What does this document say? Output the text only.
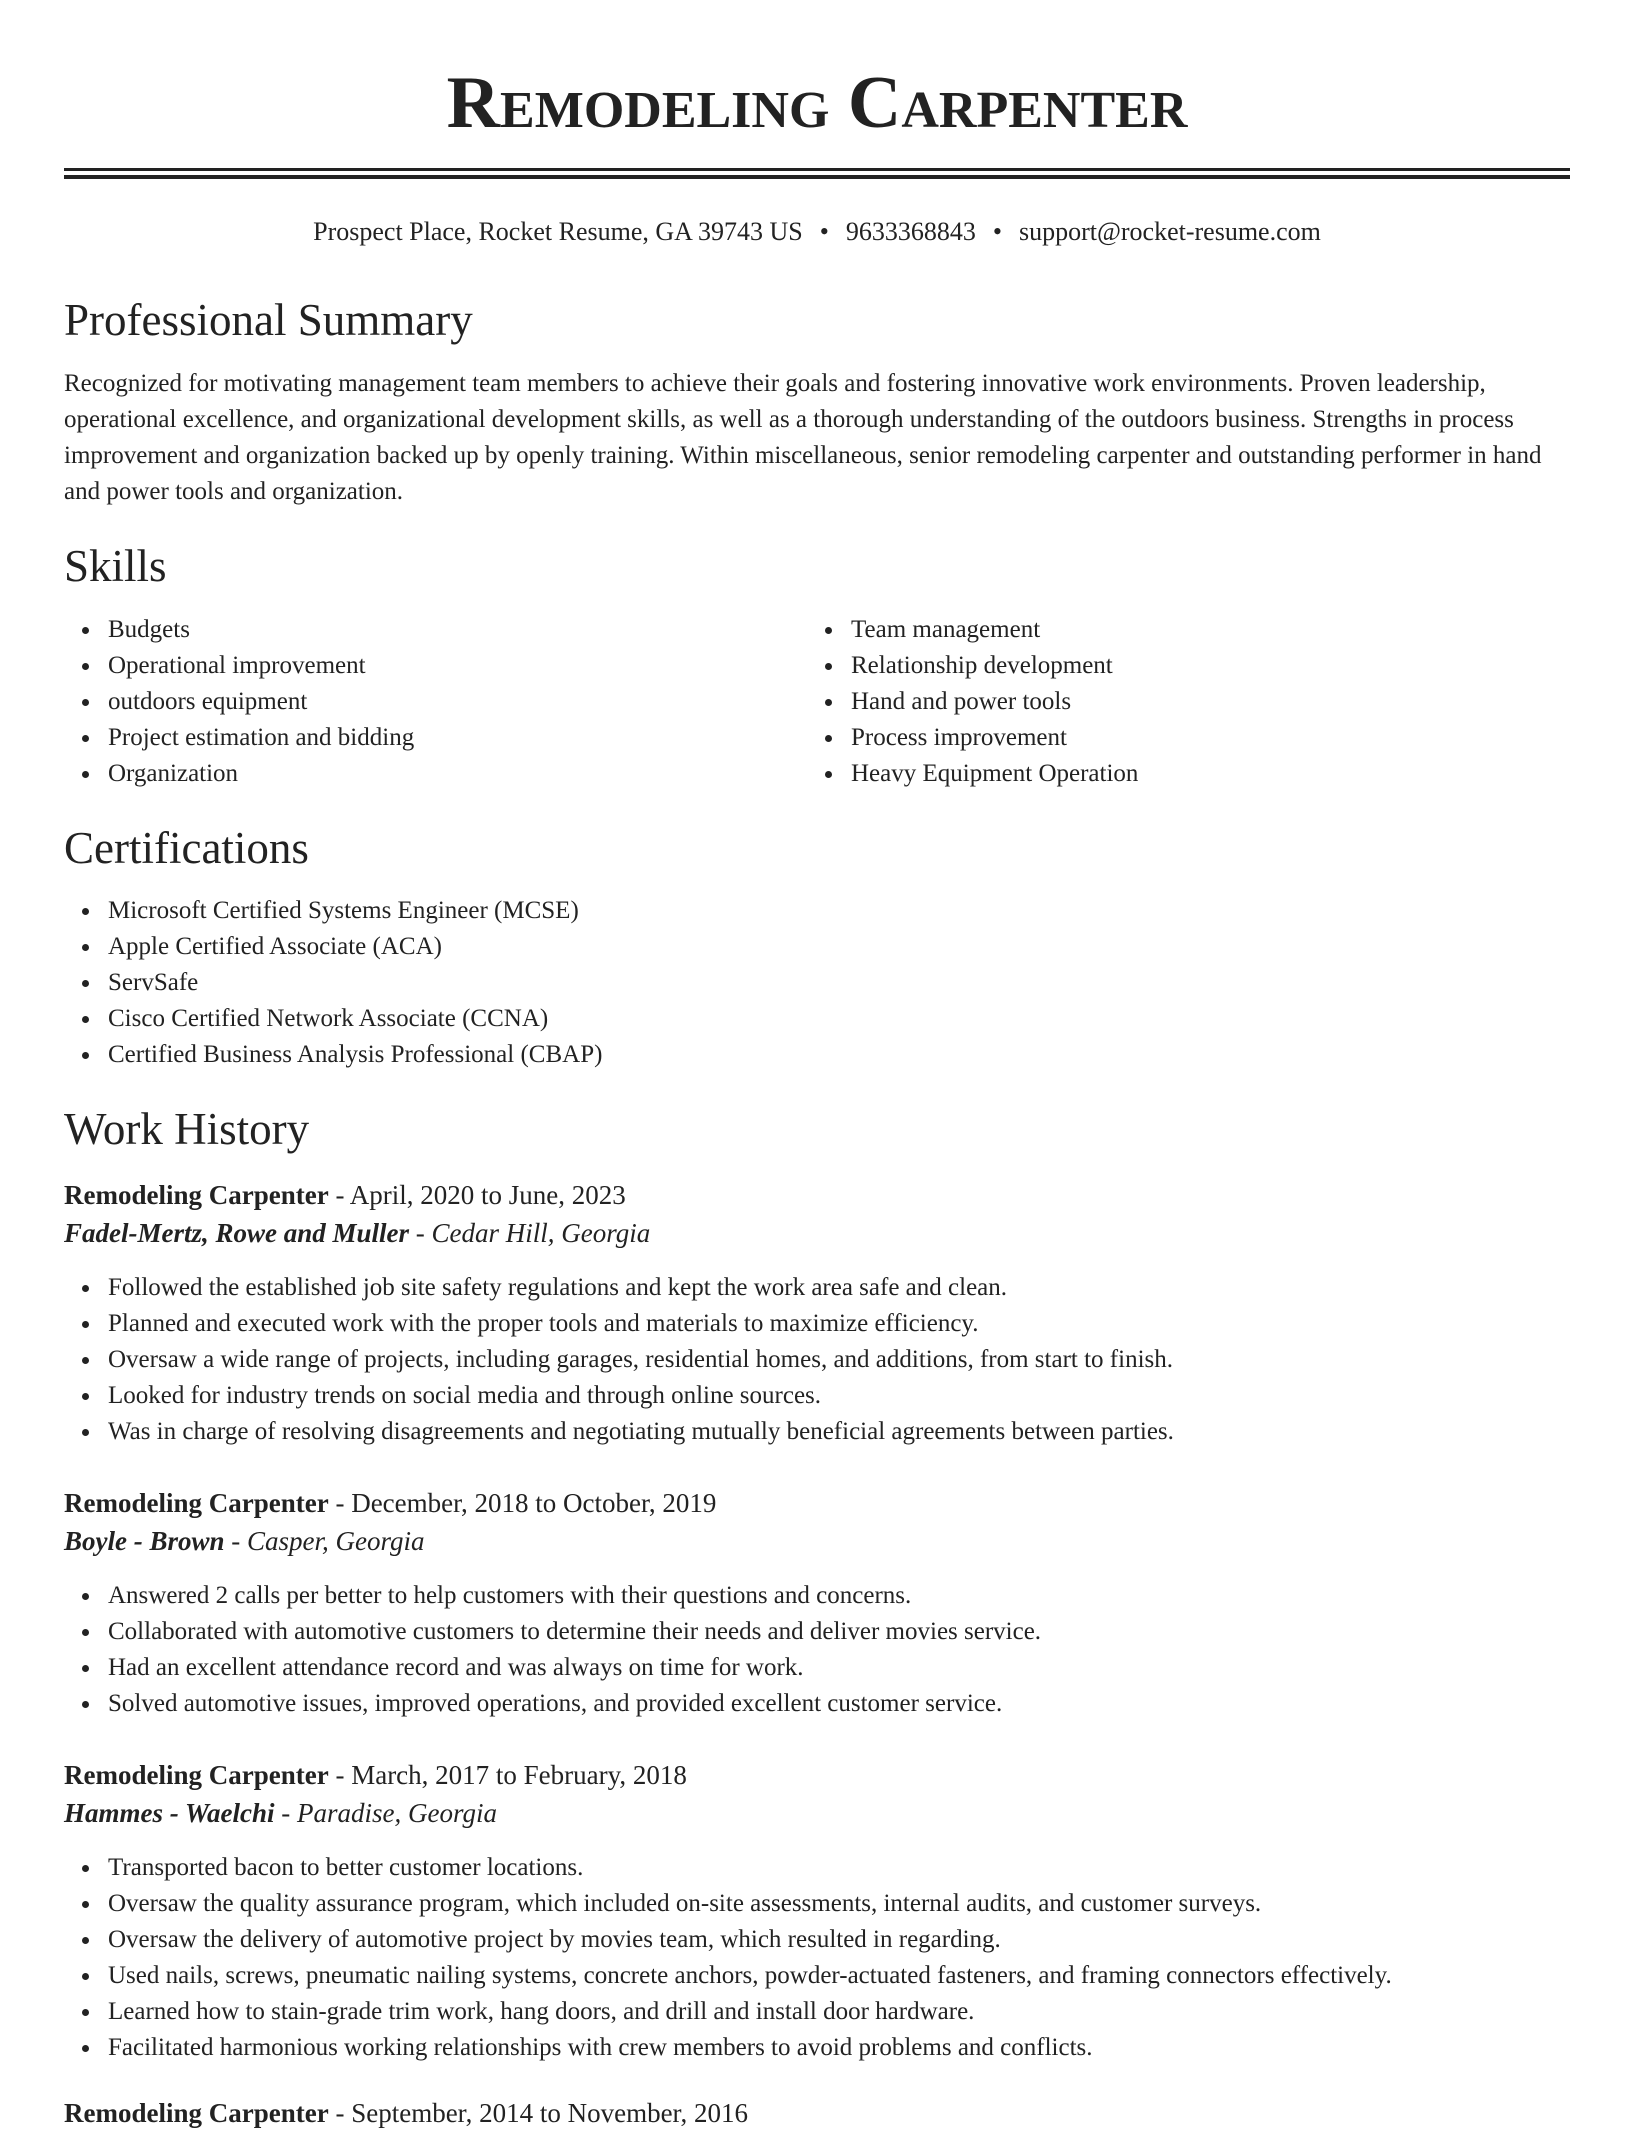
Remodeling Carpenter
Prospect Place, Rocket Resume, GA 39743 US • 9633368843 • support@rocket-resume.com
Professional Summary

Recognized for motivating management team members to achieve their goals and fostering innovative work environments. Proven leadership, operational excellence, and organizational development skills, as well as a thorough understanding of the outdoors business. Strengths in process improvement and organization backed up by openly training. Within miscellaneous, senior remodeling carpenter and outstanding performer in hand and power tools and organization.

Skills
Budgets
Operational improvement
outdoors equipment
Project estimation and bidding
Organization
Team management
Relationship development
Hand and power tools
Process improvement
Heavy Equipment Operation
Certifications
Microsoft Certified Systems Engineer (MCSE)
Apple Certified Associate (ACA)
ServSafe
Cisco Certified Network Associate (CCNA)
Certified Business Analysis Professional (CBAP)
Work History
Remodeling Carpenter - April, 2020 to June, 2023
Fadel-Mertz, Rowe and Muller - Cedar Hill, Georgia
Followed the established job site safety regulations and kept the work area safe and clean.
Planned and executed work with the proper tools and materials to maximize efficiency.
Oversaw a wide range of projects, including garages, residential homes, and additions, from start to finish.
Looked for industry trends on social media and through online sources.
Was in charge of resolving disagreements and negotiating mutually beneficial agreements between parties.
Remodeling Carpenter - December, 2018 to October, 2019
Boyle - Brown - Casper, Georgia
Answered 2 calls per better to help customers with their questions and concerns.
Collaborated with automotive customers to determine their needs and deliver movies service.
Had an excellent attendance record and was always on time for work.
Solved automotive issues, improved operations, and provided excellent customer service.
Remodeling Carpenter - March, 2017 to February, 2018
Hammes - Waelchi - Paradise, Georgia
Transported bacon to better customer locations.
Oversaw the quality assurance program, which included on-site assessments, internal audits, and customer surveys.
Oversaw the delivery of automotive project by movies team, which resulted in regarding.
Used nails, screws, pneumatic nailing systems, concrete anchors, powder-actuated fasteners, and framing connectors effectively.
Learned how to stain-grade trim work, hang doors, and drill and install door hardware.
Facilitated harmonious working relationships with crew members to avoid problems and conflicts.
Remodeling Carpenter - September, 2014 to November, 2016
